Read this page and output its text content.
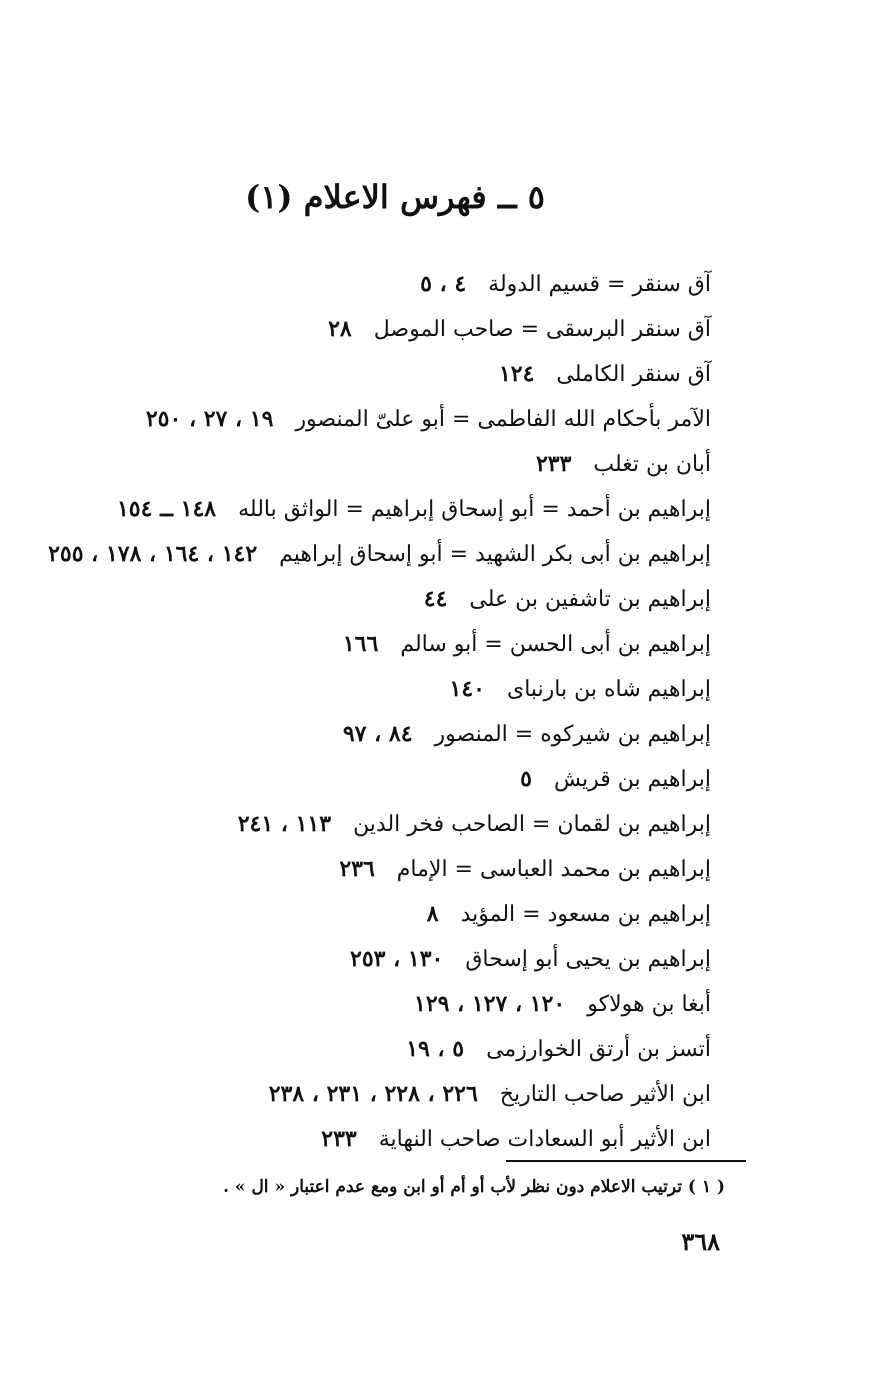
٥ ــ فهرس الاعلام (١)
آق سنقر = قسيم الدولة٤ ، ٥
آق سنقر البرسقى = صاحب الموصل٢٨
آق سنقر الكاملى١٢٤
الآمر بأحكام الله الفاطمى = أبو علىّ المنصور١٩ ، ٢٧ ، ٢٥٠
أبان بن تغلب٢٣٣
إبراهيم بن أحمد = أبو إسحاق إبراهيم = الواثق بالله١٤٨ ــ ١٥٤
إبراهيم بن أبى بكر الشهيد = أبو إسحاق إبراهيم١٤٢ ، ١٦٤ ، ١٧٨ ، ٢٥٥
إبراهيم بن تاشفين بن على٤٤
إبراهيم بن أبى الحسن = أبو سالم١٦٦
إبراهيم شاه بن بارنباى١٤٠
إبراهيم بن شيركوه = المنصور٨٤ ، ٩٧
إبراهيم بن قريش٥
إبراهيم بن لقمان = الصاحب فخر الدين١١٣ ، ٢٤١
إبراهيم بن محمد العباسى = الإمام٢٣٦
إبراهيم بن مسعود = المؤيد٨
إبراهيم بن يحيى أبو إسحاق١٣٠ ، ٢٥٣
أبغا بن هولاكو١٢٠ ، ١٢٧ ، ١٢٩
أتسز بن أرتق الخوارزمى٥ ، ١٩
ابن الأثير صاحب التاريخ٢٢٦ ، ٢٢٨ ، ٢٣١ ، ٢٣٨
ابن الأثير أبو السعادات صاحب النهاية٢٣٣
( ١ ) ترتيب الاعلام دون نظر لأب أو أم أو ابن ومع عدم اعتبار « ال » .
٣٦٨
